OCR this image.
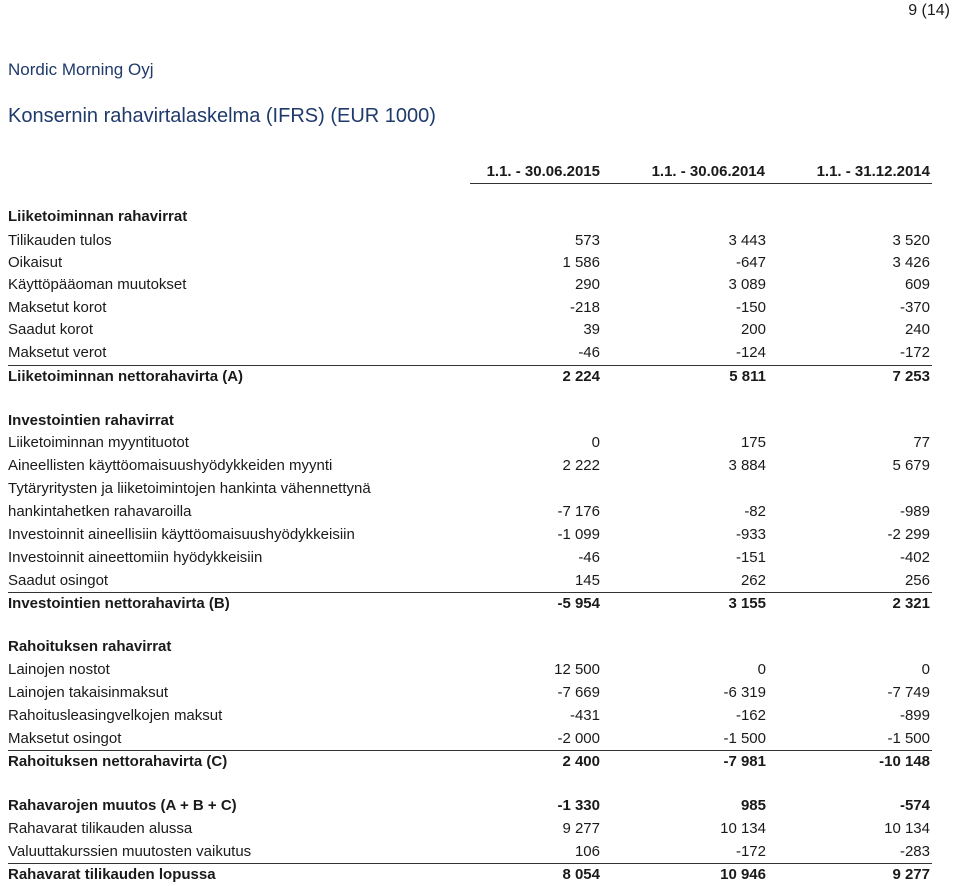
9 (14)
Nordic Morning Oyj
Konsernin rahavirtalaskelma (IFRS) (EUR 1000)
1.1. - 30.06.2015	1.1. - 30.06.2014	1.1. - 31.12.2014
Liiketoiminnan rahavirrat
Tilikauden tulos	573	3 443	3 520
Oikaisut	1 586	-647	3 426
Käyttöpääoman muutokset	290	3 089	609
Maksetut korot	-218	-150	-370
Saadut korot	39	200	240
Maksetut verot	-46	-124	-172
Liiketoiminnan nettorahavirta (A)	2 224	5 811	7 253
Investointien rahavirrat
Liiketoiminnan myyntituotot	0	175	77
Aineellisten käyttöomaisuushyödykkeiden myynti	2 222	3 884	5 679
Tytäryritysten ja liiketoimintojen hankinta vähennettynä
hankintahetken rahavaroilla	-7 176	-82	-989
Investoinnit aineellisiin käyttöomaisuushyödykkeisiin	-1 099	-933	-2 299
Investoinnit aineettomiin hyödykkeisiin	-46	-151	-402
Saadut osingot	145	262	256
Investointien nettorahavirta (B)	-5 954	3 155	2 321
Rahoituksen rahavirrat
Lainojen nostot	12 500	0	0
Lainojen takaisinmaksut	-7 669	-6 319	-7 749
Rahoitusleasingvelkojen maksut	-431	-162	-899
Maksetut osingot	-2 000	-1 500	-1 500
Rahoituksen nettorahavirta (C)	2 400	-7 981	-10 148
Rahavarojen muutos (A + B + C)	-1 330	985	-574
Rahavarat tilikauden alussa	9 277	10 134	10 134
Valuuttakurssien muutosten vaikutus	106	-172	-283
Rahavarat tilikauden lopussa	8 054	10 946	9 277
